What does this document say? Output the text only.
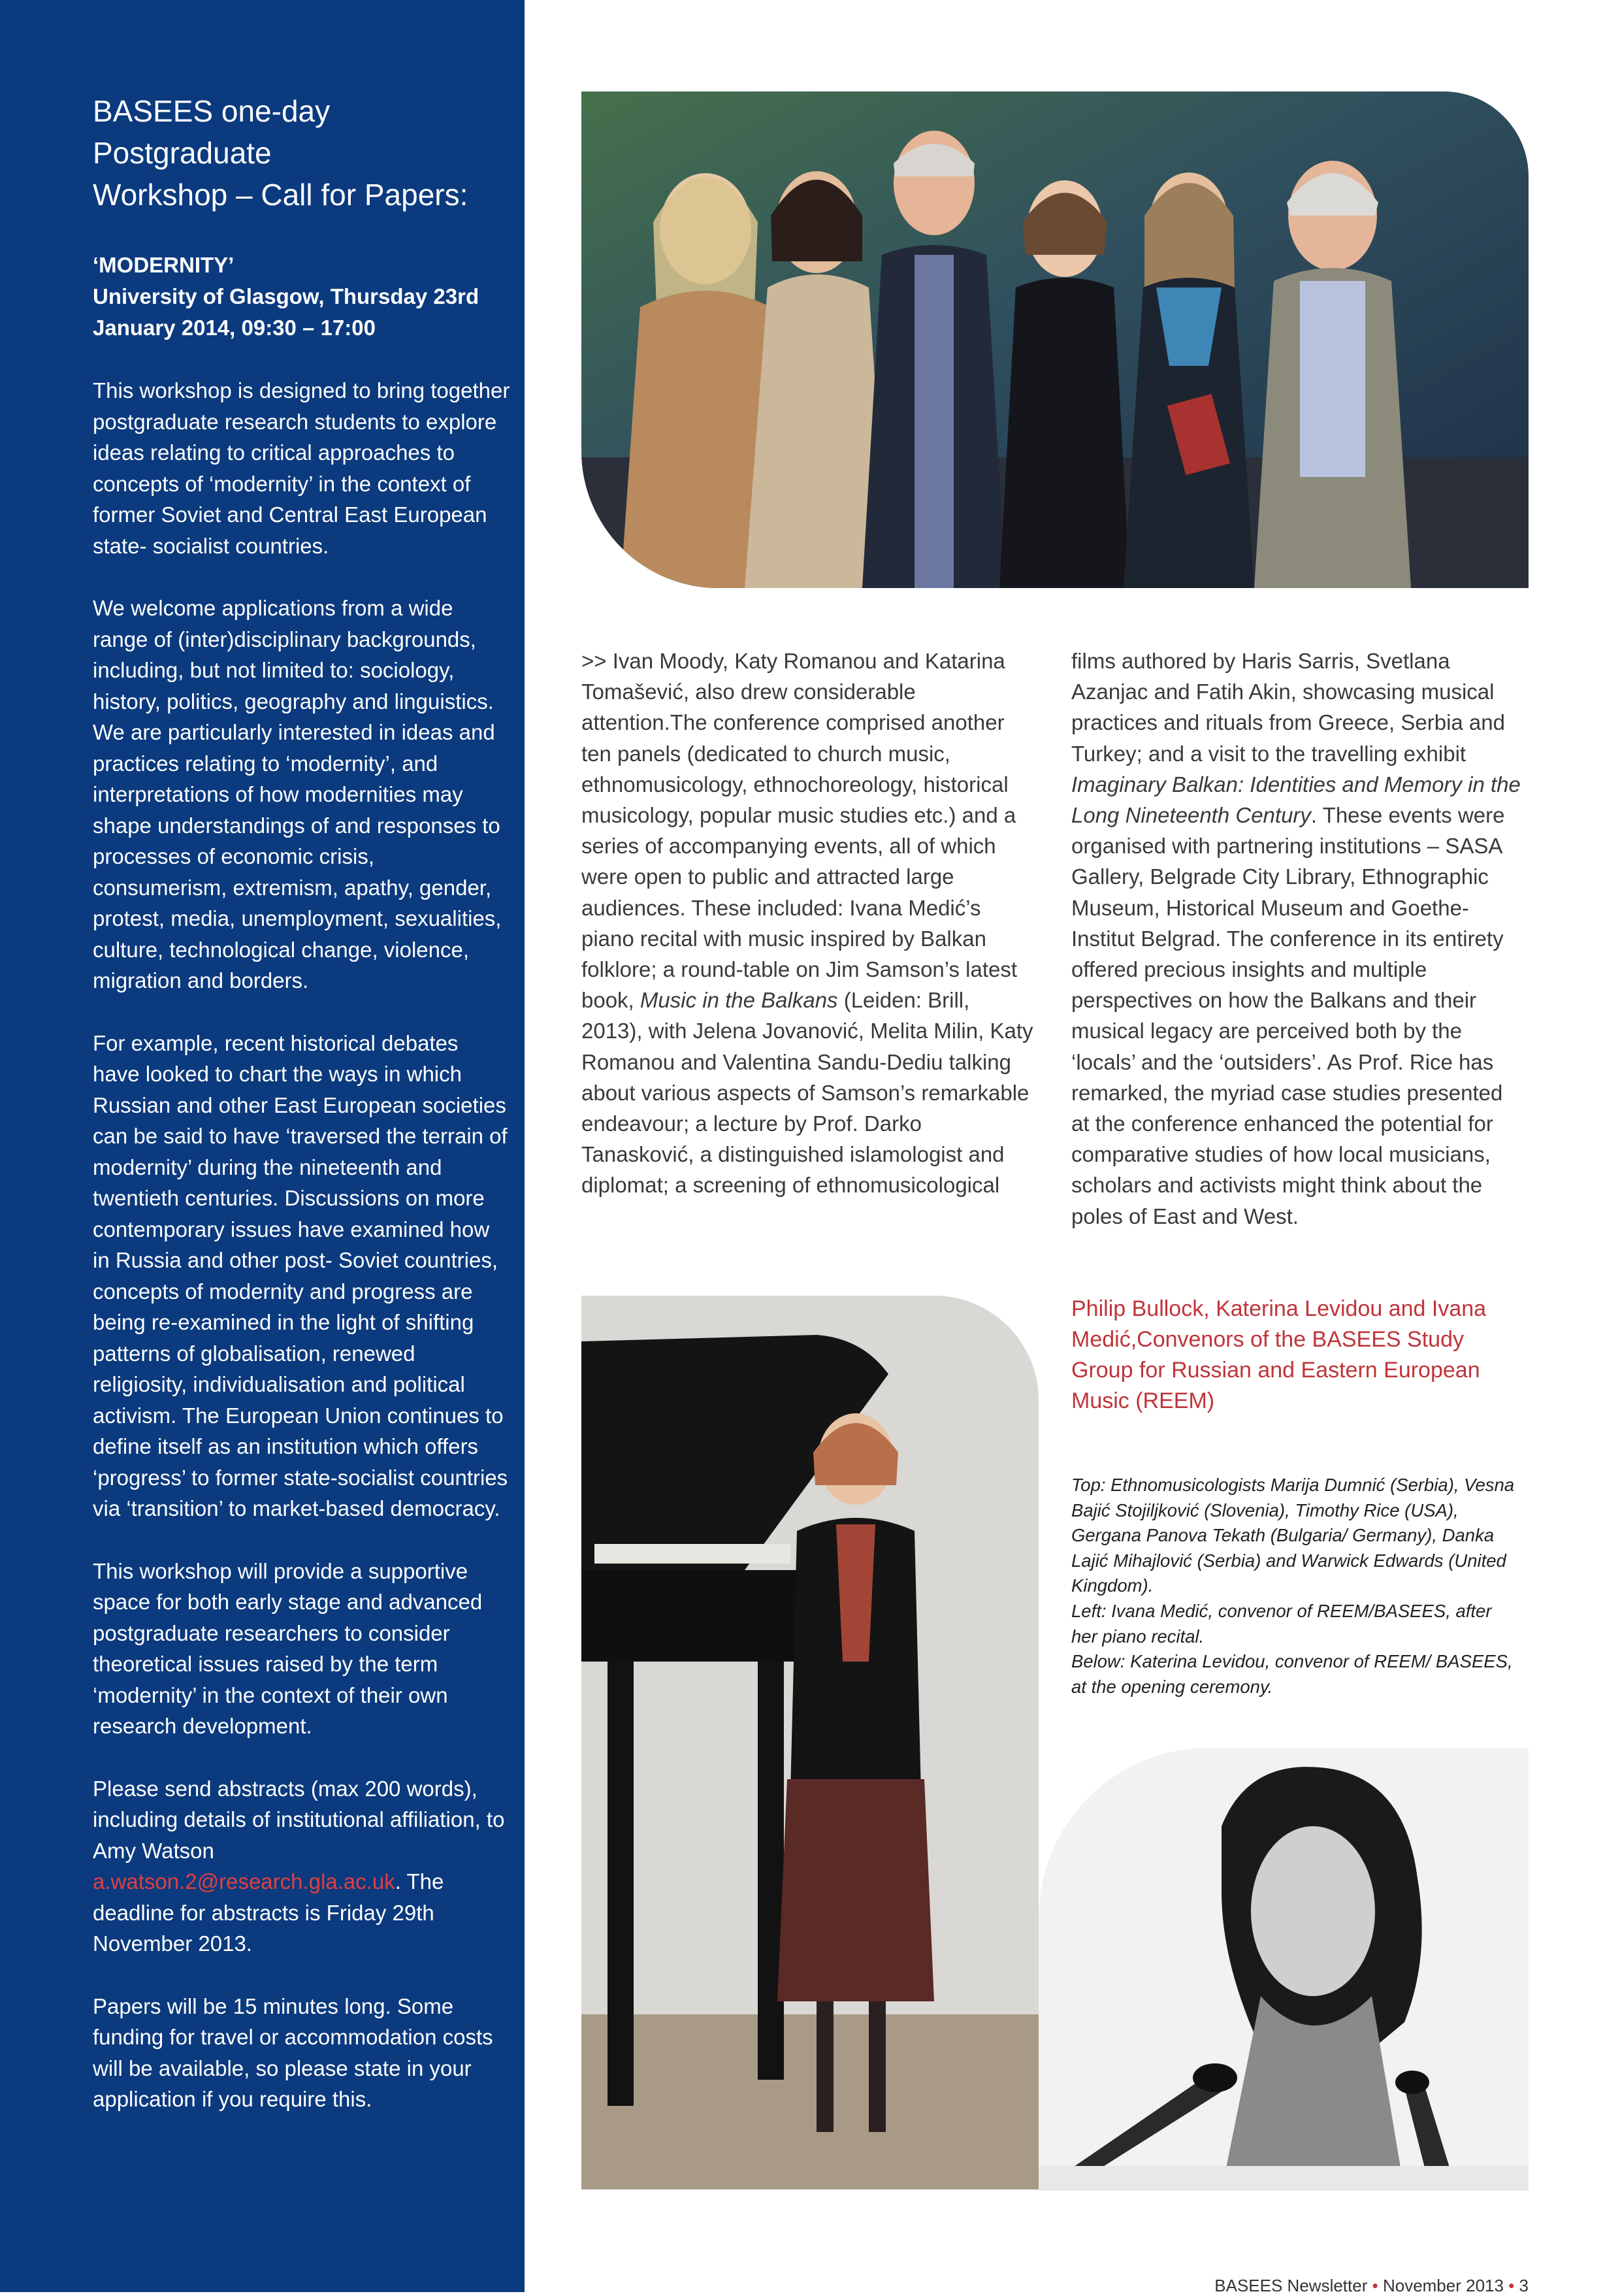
BASEES one-day Postgraduate
Workshop – Call for Papers:
‘MODERNITY’
University of Glasgow, Thursday 23rd
January 2014, 09:30 – 17:00

This workshop is designed to bring together postgraduate research students to explore ideas relating to critical approaches to concepts of ‘modernity’ in the context of former Soviet and Central East European state- socialist countries.

We welcome applications from a wide range of (inter)disciplinary backgrounds, including, but not limited to: sociology, history, politics, geography and linguistics. We are particularly interested in ideas and practices relating to ‘modernity’, and interpretations of how modernities may shape understandings of and responses to processes of economic crisis, consumerism, extremism, apathy, gender, protest, media, unemployment, sexualities, culture, technological change, violence, migration and borders.

For example, recent historical debates have looked to chart the ways in which Russian and other East European societies can be said to have ‘traversed the terrain of modernity’ during the nineteenth and twentieth centuries. Discussions on more contemporary issues have examined how in Russia and other post- Soviet countries, concepts of modernity and progress are being re-examined in the light of shifting patterns of globalisation, renewed religiosity, individualisation and political activism. The European Union continues to define itself as an institution which offers ‘progress’ to former state-socialist countries via ‘transition’ to market-based democracy.

This workshop will provide a supportive space for both early stage and advanced postgraduate researchers to consider theoretical issues raised by the term ‘modernity’ in the context of their own research development.

Please send abstracts (max 200 words), including details of institutional affiliation, to Amy Watson a.watson.2@research.gla.ac.uk. The deadline for abstracts is Friday 29th November 2013.

Papers will be 15 minutes long. Some funding for travel or accommodation costs will be available, so please state in your application if you require this.

>> Ivan Moody, Katy Romanou and Katarina Tomašević, also drew considerable attention.The conference comprised another ten panels (dedicated to church music, ethnomusicology, ethnochoreology, historical musicology, popular music studies etc.) and a series of accompanying events, all of which were open to public and attracted large audiences. These included: Ivana Medić’s piano recital with music inspired by Balkan folklore; a round-table on Jim Samson’s latest book, Music in the Balkans (Leiden: Brill, 2013), with Jelena Jovanović, Melita Milin, Katy Romanou and Valentina Sandu-Dediu talking about various aspects of Samson’s remarkable endeavour; a lecture by Prof. Darko Tanasković, a distinguished islamologist and diplomat; a screening of ethnomusicological

films authored by Haris Sarris, Svetlana Azanjac and Fatih Akin, showcasing musical practices and rituals from Greece, Serbia and Turkey; and a visit to the travelling exhibit Imaginary Balkan: Identities and Memory in the Long Nineteenth Century. These events were organised with partnering institutions – SASA Gallery, Belgrade City Library, Ethnographic Museum, Historical Museum and Goethe-Institut Belgrad. The conference in its entirety offered precious insights and multiple perspectives on how the Balkans and their musical legacy are perceived both by the ‘locals’ and the ‘outsiders’. As Prof. Rice has remarked, the myriad case studies presented at the conference enhanced the potential for comparative studies of how local musicians, scholars and activists might think about the poles of East and West.

Philip Bullock, Katerina Levidou and Ivana Medić,Convenors of the BASEES Study Group for Russian and Eastern European Music (REEM)

Top: Ethnomusicologists Marija Dumnić (Serbia), Vesna Bajić Stojiljković (Slovenia), Timothy Rice (USA), Gergana Panova Tekath (Bulgaria/ Germany), Danka Lajić Mihajlović (Serbia) and Warwick Edwards (United Kingdom).

Left: Ivana Medić, convenor of REEM/BASEES, after her piano recital.

Below: Katerina Levidou, convenor of REEM/ BASEES, at the opening ceremony.

BASEES Newsletter • November 2013 • 3
